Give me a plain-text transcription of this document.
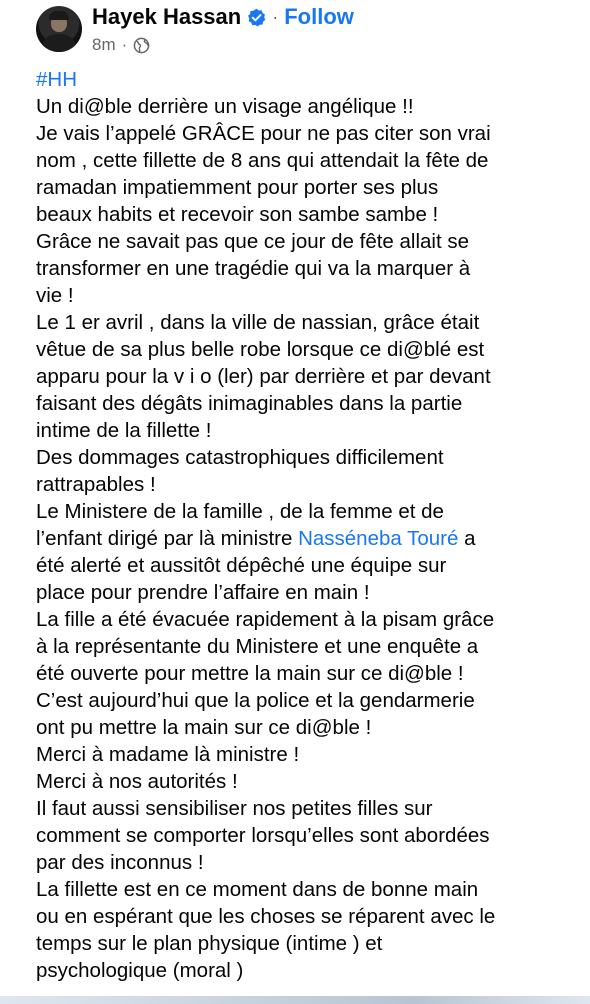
Hayek Hassan · Follow
8m ·
#HH
Un di@ble derrière un visage angélique !!
Je vais l’appelé GRÂCE pour ne pas citer son vrai
nom , cette fillette de 8 ans qui attendait la fête de
ramadan impatiemment pour porter ses plus
beaux habits et recevoir son sambe sambe !
Grâce ne savait pas que ce jour de fête allait se
transformer en une tragédie qui va la marquer à
vie !
Le 1 er avril , dans la ville de nassian, grâce était
vêtue de sa plus belle robe lorsque ce di@blé est
apparu pour la v i o (ler) par derrière et par devant
faisant des dégâts inimaginables dans la partie
intime de la fillette !
Des dommages catastrophiques difficilement
rattrapables !
Le Ministere de la famille , de la femme et de
l’enfant dirigé par là ministre Nasséneba Touré a
été alerté et aussitôt dépêché une équipe sur
place pour prendre l’affaire en main !
La fille a été évacuée rapidement à la pisam grâce
à la représentante du Ministere et une enquête a
été ouverte pour mettre la main sur ce di@ble !
C’est aujourd’hui que la police et la gendarmerie
ont pu mettre la main sur ce di@ble !
Merci à madame là ministre !
Merci à nos autorités !
Il faut aussi sensibiliser nos petites filles sur
comment se comporter lorsqu’elles sont abordées
par des inconnus !
La fillette est en ce moment dans de bonne main
ou en espérant que les choses se réparent avec le
temps sur le plan physique (intime ) et
psychologique (moral )
